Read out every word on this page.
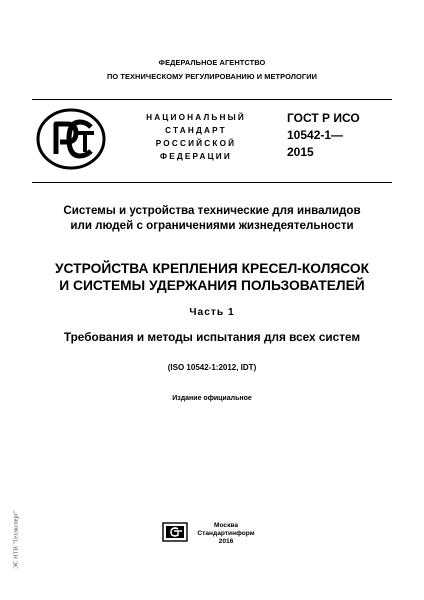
ФЕДЕРАЛЬНОЕ АГЕНТСТВО
ПО ТЕХНИЧЕСКОМУ РЕГУЛИРОВАНИЮ И МЕТРОЛОГИИ
НАЦИОНАЛЬНЫЙ
СТАНДАРТ
РОССИЙСКОЙ
ФЕДЕРАЦИИ
ГОСТ Р ИСО
10542-1—
2015
Системы и устройства технические для инвалидов
или людей с ограничениями жизнедеятельности
УСТРОЙСТВА КРЕПЛЕНИЯ КРЕСЕЛ-КОЛЯСОК
И СИСТЕМЫ УДЕРЖАНИЯ ПОЛЬЗОВАТЕЛЕЙ
Часть 1
Требования и методы испытания для всех систем
(ISO 10542-1:2012, IDT)
Издание официальное
Москва
Стандартинформ
2016
ЭС НТИ "Техэксперт"
